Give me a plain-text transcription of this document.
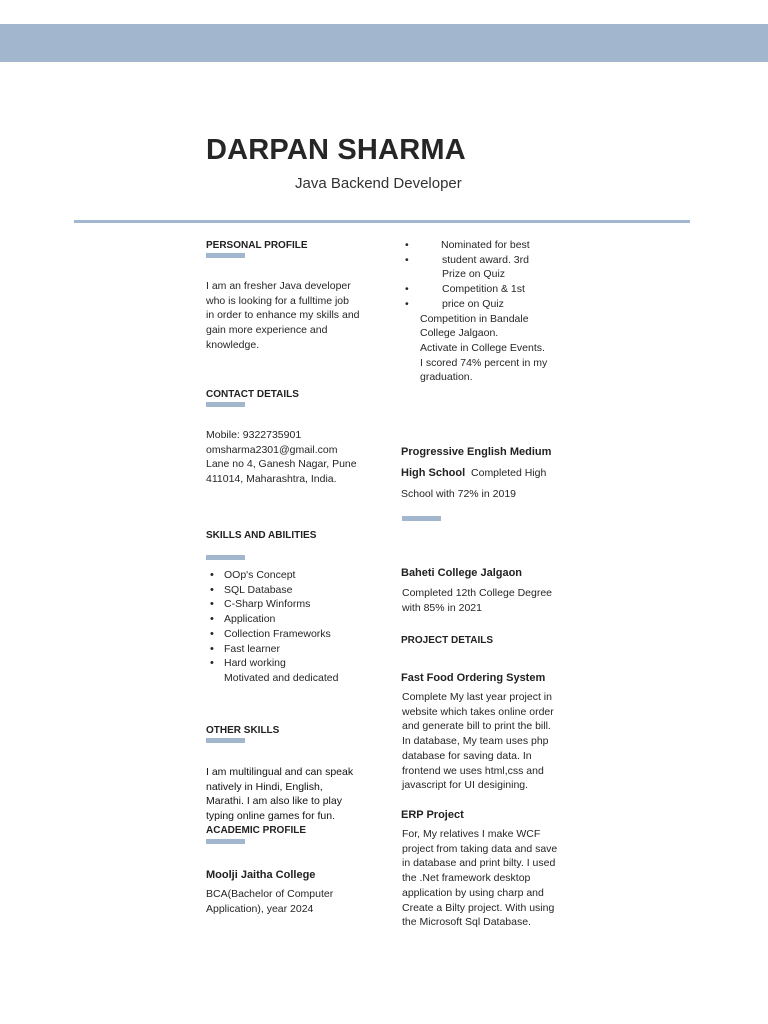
DARPAN SHARMA
Java Backend Developer
PERSONAL PROFILE
I am an fresher Java developer
who is looking for a fulltime job
in order to enhance my skills and
gain more experience and
knowledge.
CONTACT DETAILS
Mobile: 9322735901
omsharma2301@gmail.com
Lane no 4, Ganesh Nagar, Pune
411014, Maharashtra, India.
SKILLS AND ABILITIES
• OOp's Concept
• SQL Database
• C-Sharp Winforms
• Application
• Collection Frameworks
• Fast learner
• Hard working
Motivated and dedicated
OTHER SKILLS
I am multilingual and can speak
natively in Hindi, English,
Marathi. I am also like to play
typing online games for fun.
ACADEMIC PROFILE
Moolji Jaitha College
BCA(Bachelor of Computer
Application), year 2024
•	Nominated for best
•	student award. 3rd
Prize on Quiz
•	Competition & 1st
•	price on Quiz
Competition in Bandale
College Jalgaon.
Activate in College Events.
I scored 74% percent in my
graduation.
Progressive English Medium
High School Completed High
School with 72% in 2019
Baheti College Jalgaon
Completed 12th College Degree
with 85% in 2021
PROJECT DETAILS
Fast Food Ordering System
Complete My last year project in
website which takes online order
and generate bill to print the bill.
In database, My team uses php
database for saving data. In
frontend we uses html,css and
javascript for UI desigining.
ERP Project
For, My relatives I make WCF
project from taking data and save
in database and print bilty. I used
the .Net framework desktop
application by using charp and
Create a Bilty project. With using
the Microsoft Sql Database.
